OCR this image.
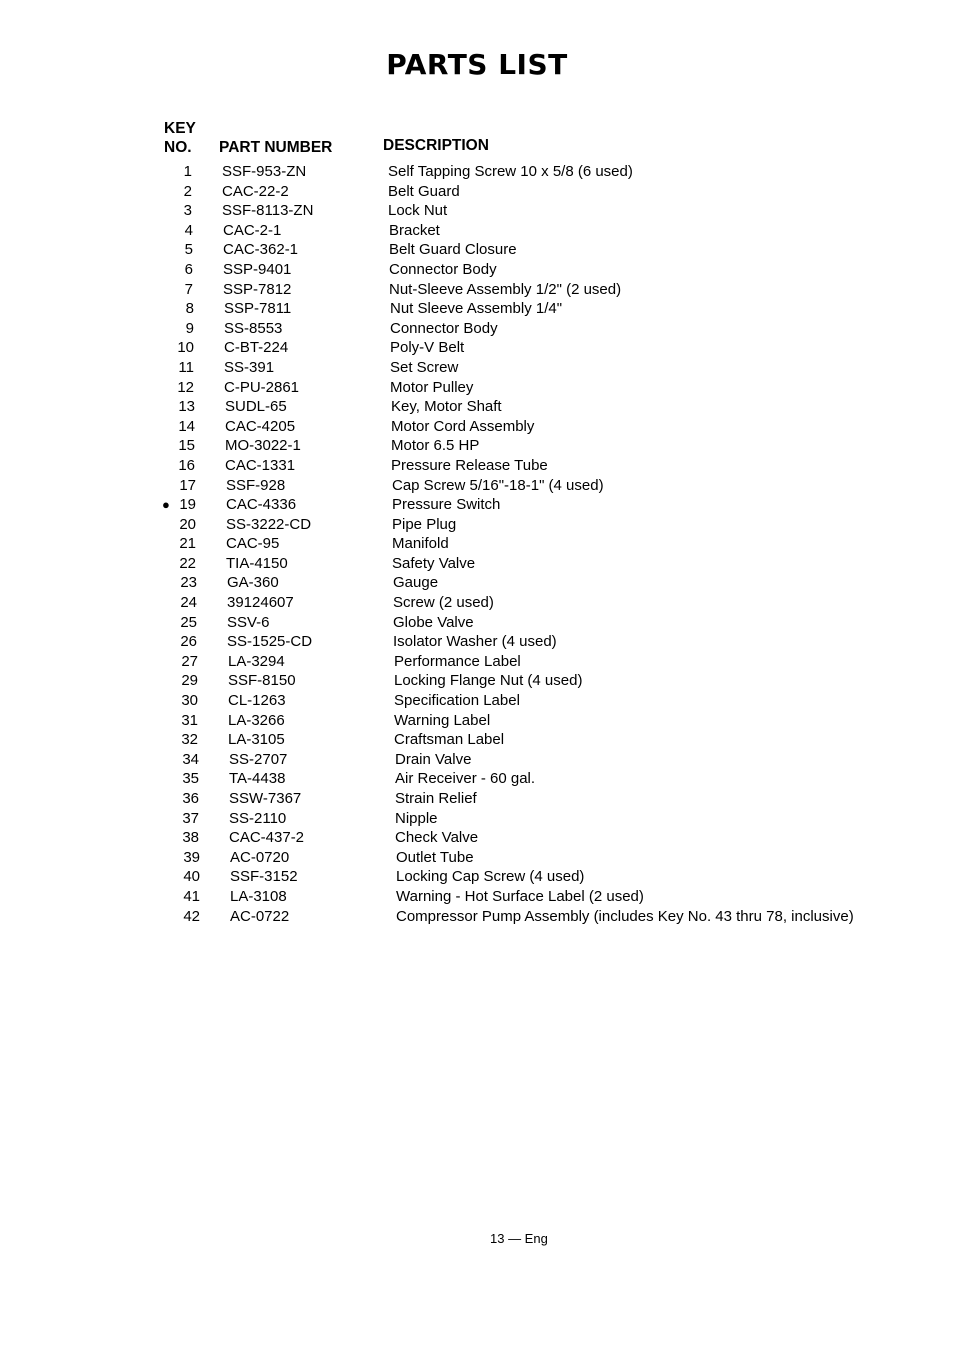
PARTS LIST
KEY
NO. PART NUMBER	DESCRIPTION
1 SSF-953-ZN	Self Tapping Screw 10 x 5/8 (6 used)
2 CAC-22-2	Belt Guard
3 SSF-8113-ZN	Lock Nut
4 CAC-2-1	Bracket
5 CAC-362-1	Belt Guard Closure
6 SSP-9401	Connector Body
7 SSP-7812	Nut-Sleeve Assembly 1/2" (2 used)
8 SSP-7811	Nut Sleeve Assembly 1/4"
9 SS-8553	Connector Body
10 C-BT-224	Poly-V Belt
11 SS-391	Set Screw
12 C-PU-2861	Motor Pulley
13 SUDL-65	Key, Motor Shaft
14 CAC-4205	Motor Cord Assembly
15 MO-3022-1	Motor 6.5 HP
16 CAC-1331	Pressure Release Tube
17 SSF-928	Cap Screw 5/16"-18-1" (4 used)
● 19 CAC-4336	Pressure Switch
20 SS-3222-CD	Pipe Plug
21 CAC-95	Manifold
22 TIA-4150	Safety Valve
23 GA-360	Gauge
24 39124607	Screw (2 used)
25 SSV-6	Globe Valve
26 SS-1525-CD	Isolator Washer (4 used)
27 LA-3294	Performance Label
29 SSF-8150	Locking Flange Nut (4 used)
30 CL-1263	Specification Label
31 LA-3266	Warning Label
32 LA-3105	Craftsman Label
34 SS-2707	Drain Valve
35 TA-4438	Air Receiver - 60 gal.
36 SSW-7367	Strain Relief
37 SS-2110	Nipple
38 CAC-437-2	Check Valve
39 AC-0720	Outlet Tube
40 SSF-3152	Locking Cap Screw (4 used)
41 LA-3108	Warning - Hot Surface Label (2 used)
42 AC-0722	Compressor Pump Assembly (includes Key No. 43 thru 78, inclusive)
13 — Eng
